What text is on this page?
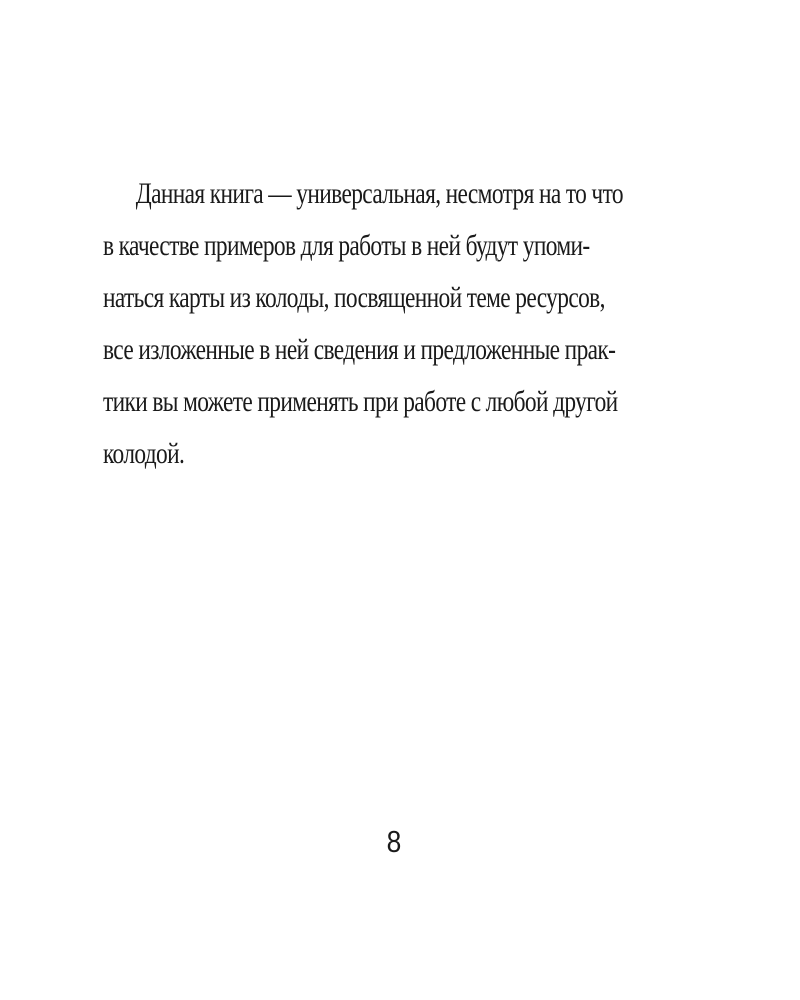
Данная книга — универсальная, несмотря на то что
в качестве примеров для работы в ней будут упоми-
наться карты из колоды, посвященной теме ресурсов,
все изложенные в ней сведения и предложенные прак-
тики вы можете применять при работе с любой другой
колодой.
8
